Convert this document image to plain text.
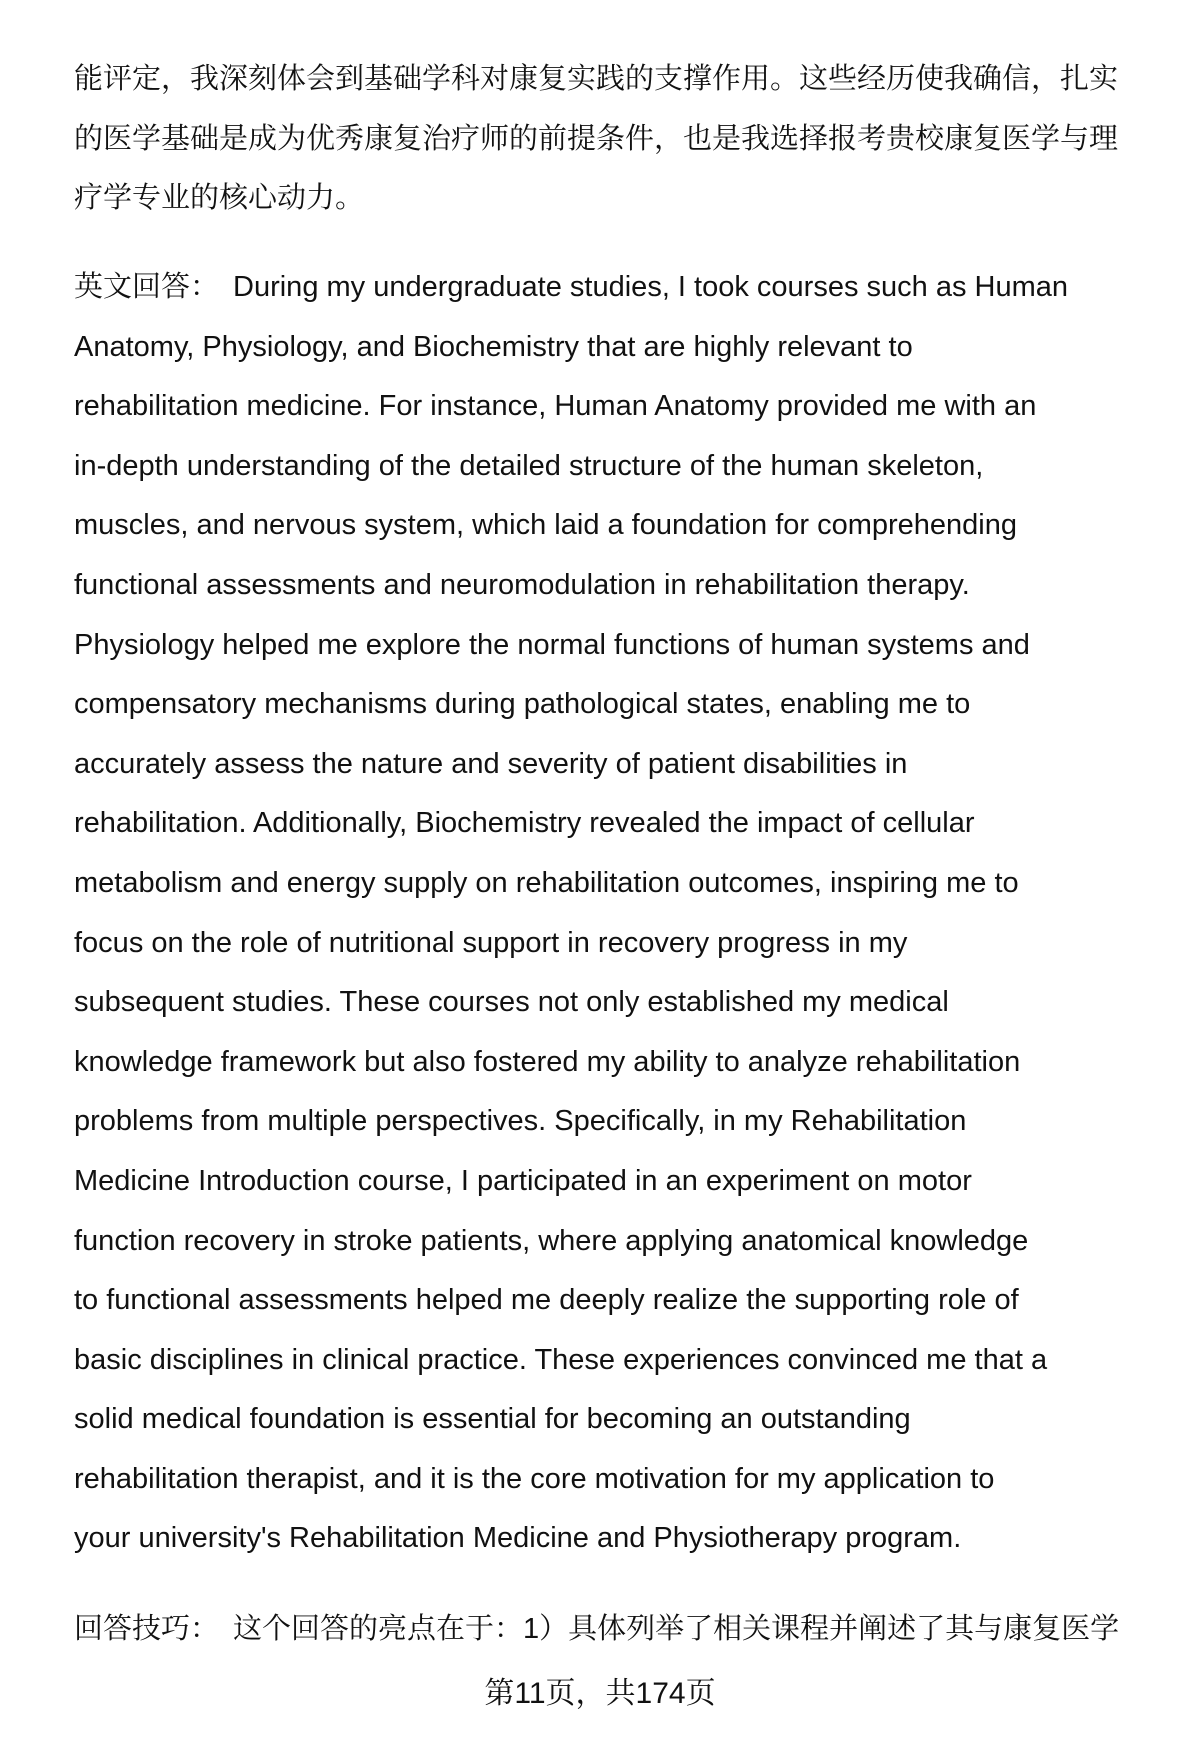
能评定，我深刻体会到基础学科对康复实践的支撑作用。这些经历使我确信，扎实
的医学基础是成为优秀康复治疗师的前提条件，也是我选择报考贵校康复医学与理
疗学专业的核心动力。
英文回答： During my undergraduate studies, I took courses such as Human
Anatomy, Physiology, and Biochemistry that are highly relevant to
rehabilitation medicine. For instance, Human Anatomy provided me with an
in-depth understanding of the detailed structure of the human skeleton,
muscles, and nervous system, which laid a foundation for comprehending
functional assessments and neuromodulation in rehabilitation therapy.
Physiology helped me explore the normal functions of human systems and
compensatory mechanisms during pathological states, enabling me to
accurately assess the nature and severity of patient disabilities in
rehabilitation. Additionally, Biochemistry revealed the impact of cellular
metabolism and energy supply on rehabilitation outcomes, inspiring me to
focus on the role of nutritional support in recovery progress in my
subsequent studies. These courses not only established my medical
knowledge framework but also fostered my ability to analyze rehabilitation
problems from multiple perspectives. Specifically, in my Rehabilitation
Medicine Introduction course, I participated in an experiment on motor
function recovery in stroke patients, where applying anatomical knowledge
to functional assessments helped me deeply realize the supporting role of
basic disciplines in clinical practice. These experiences convinced me that a
solid medical foundation is essential for becoming an outstanding
rehabilitation therapist, and it is the core motivation for my application to
your university's Rehabilitation Medicine and Physiotherapy program.
回答技巧： 这个回答的亮点在于：1）具体列举了相关课程并阐述了其与康复医学
第11页，共174页
